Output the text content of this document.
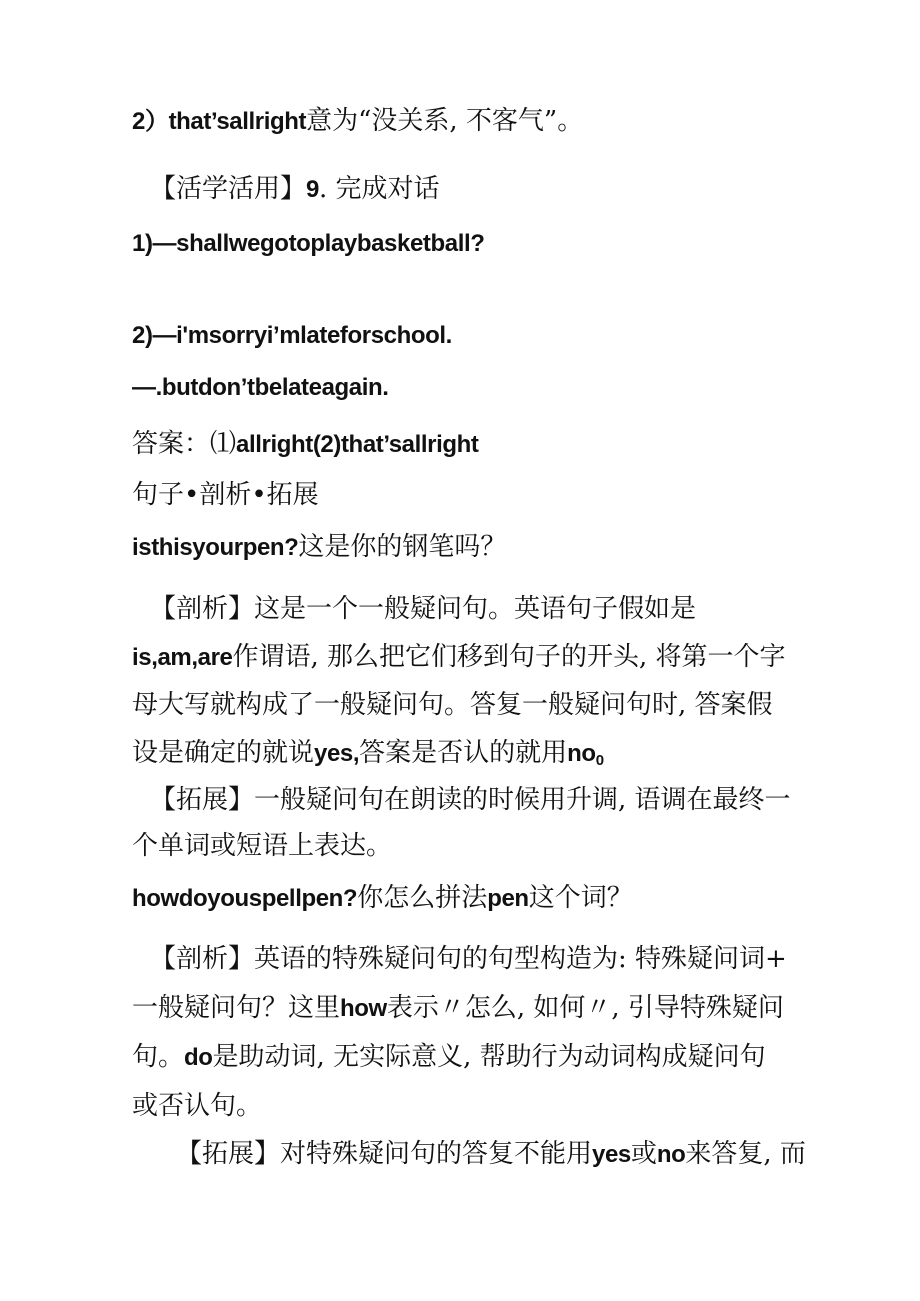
2）that’sallright意为“没关系, 不客气”。
【活学活用】9. 完成对话
1)—shallwegotoplaybasketball?
2)—i'msorryi’mlateforschool.
—.butdon’tbelateagain.
答案：⑴allright(2)that’sallright
句子•剖析•拓展
isthisyourpen?这是你的钢笔吗？
【剖析】这是一个一般疑问句。英语句子假如是
is,am,are作谓语, 那么把它们移到句子的开头, 将第一个字
母大写就构成了一般疑问句。答复一般疑问句时, 答案假
设是确定的就说yes,答案是否认的就用$no_0$
【拓展】一般疑问句在朗读的时候用升调, 语调在最终一
个单词或短语上表达。
howdoyouspellpen?你怎么拼法pen这个词？
【剖析】英语的特殊疑问句的句型构造为: 特殊疑问词+
一般疑问句？这里how表示〃怎么, 如何〃, 引导特殊疑问
句。do是助动词, 无实际意义, 帮助行为动词构成疑问句
或否认句。
【拓展】对特殊疑问句的答复不能用yes或no来答复, 而
